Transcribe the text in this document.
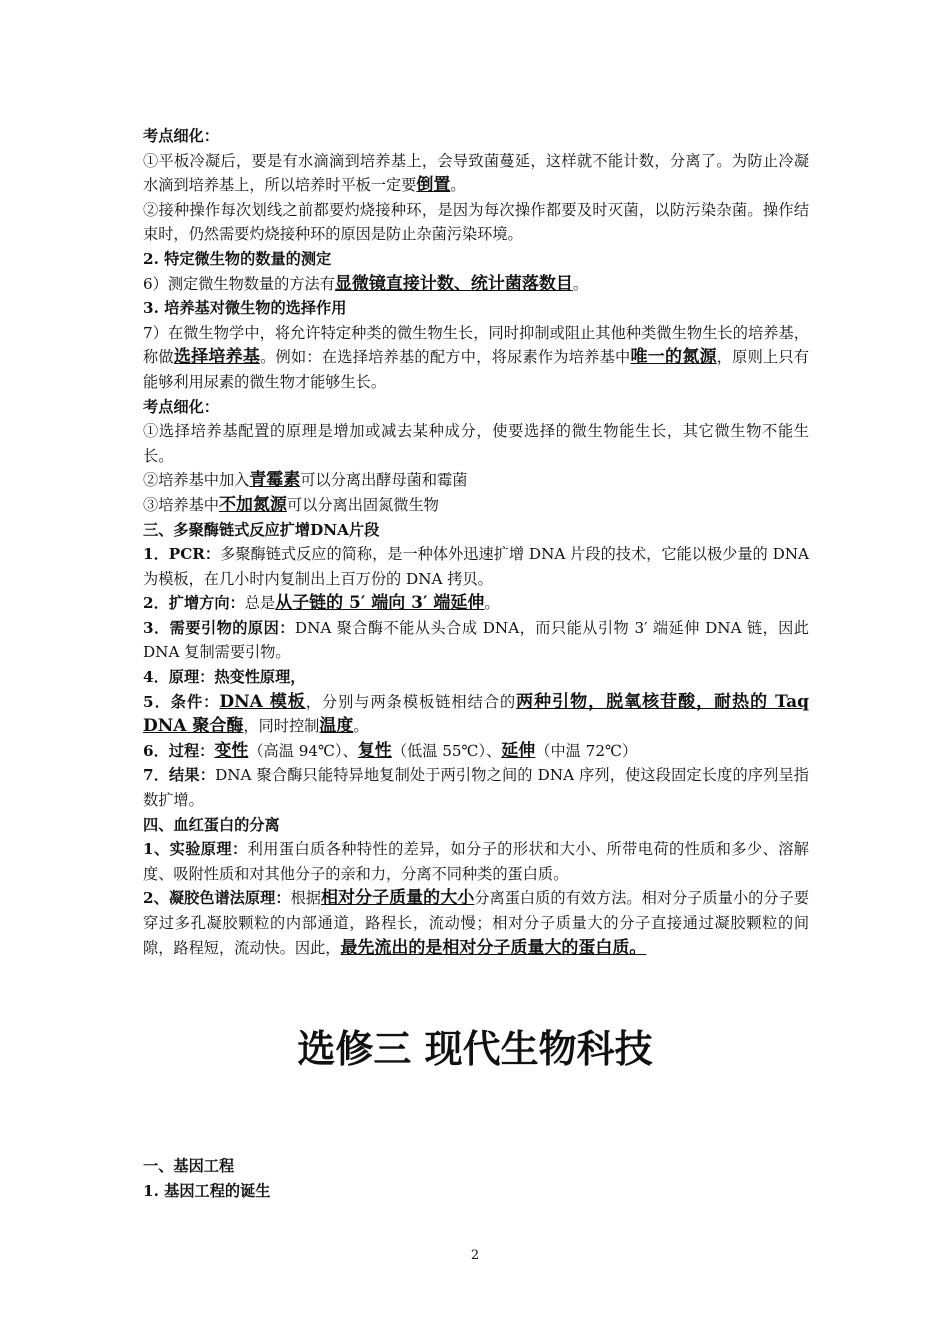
考点细化：

①平板冷凝后，要是有水滴滴到培养基上，会导致菌蔓延，这样就不能计数，分离了。为防止冷凝水滴到培养基上，所以培养时平板一定要倒置。

②接种操作每次划线之前都要灼烧接种环，是因为每次操作都要及时灭菌，以防污染杂菌。操作结束时，仍然需要灼烧接种环的原因是防止杂菌污染环境。

2. 特定微生物的数量的测定

6）测定微生物数量的方法有显微镜直接计数、统计菌落数目。

3. 培养基对微生物的选择作用

7）在微生物学中，将允许特定种类的微生物生长，同时抑制或阻止其他种类微生物生长的培养基，称做选择培养基。例如：在选择培养基的配方中，将尿素作为培养基中唯一的氮源，原则上只有能够利用尿素的微生物才能够生长。

考点细化：

①选择培养基配置的原理是增加或减去某种成分，使要选择的微生物能生长，其它微生物不能生长。

②培养基中加入青霉素可以分离出酵母菌和霉菌

③培养基中不加氮源可以分离出固氮微生物

三、多聚酶链式反应扩增DNA片段

1．PCR：多聚酶链式反应的简称，是一种体外迅速扩增 DNA 片段的技术，它能以极少量的 DNA 为模板，在几小时内复制出上百万份的 DNA 拷贝。

2．扩增方向：总是从子链的 5′ 端向 3′ 端延伸。

3．需要引物的原因：DNA 聚合酶不能从头合成 DNA，而只能从引物 3′ 端延伸 DNA 链，因此 DNA 复制需要引物。

4．原理：热变性原理，

5．条件：DNA 模板，分别与两条模板链相结合的两种引物，脱氧核苷酸，耐热的 Taq DNA 聚合酶，同时控制温度。

6．过程：变性（高温 94℃）、复性（低温 55℃）、延伸（中温 72℃）

7．结果：DNA 聚合酶只能特异地复制处于两引物之间的 DNA 序列，使这段固定长度的序列呈指数扩增。

四、血红蛋白的分离

1、实验原理：利用蛋白质各种特性的差异，如分子的形状和大小、所带电荷的性质和多少、溶解度、吸附性质和对其他分子的亲和力，分离不同种类的蛋白质。

2、凝胶色谱法原理：根据相对分子质量的大小分离蛋白质的有效方法。相对分子质量小的分子要穿过多孔凝胶颗粒的内部通道，路程长，流动慢；相对分子质量大的分子直接通过凝胶颗粒的间隙，路程短，流动快。因此，最先流出的是相对分子质量大的蛋白质。

选修三 现代生物科技

一、基因工程

1. 基因工程的诞生

2
